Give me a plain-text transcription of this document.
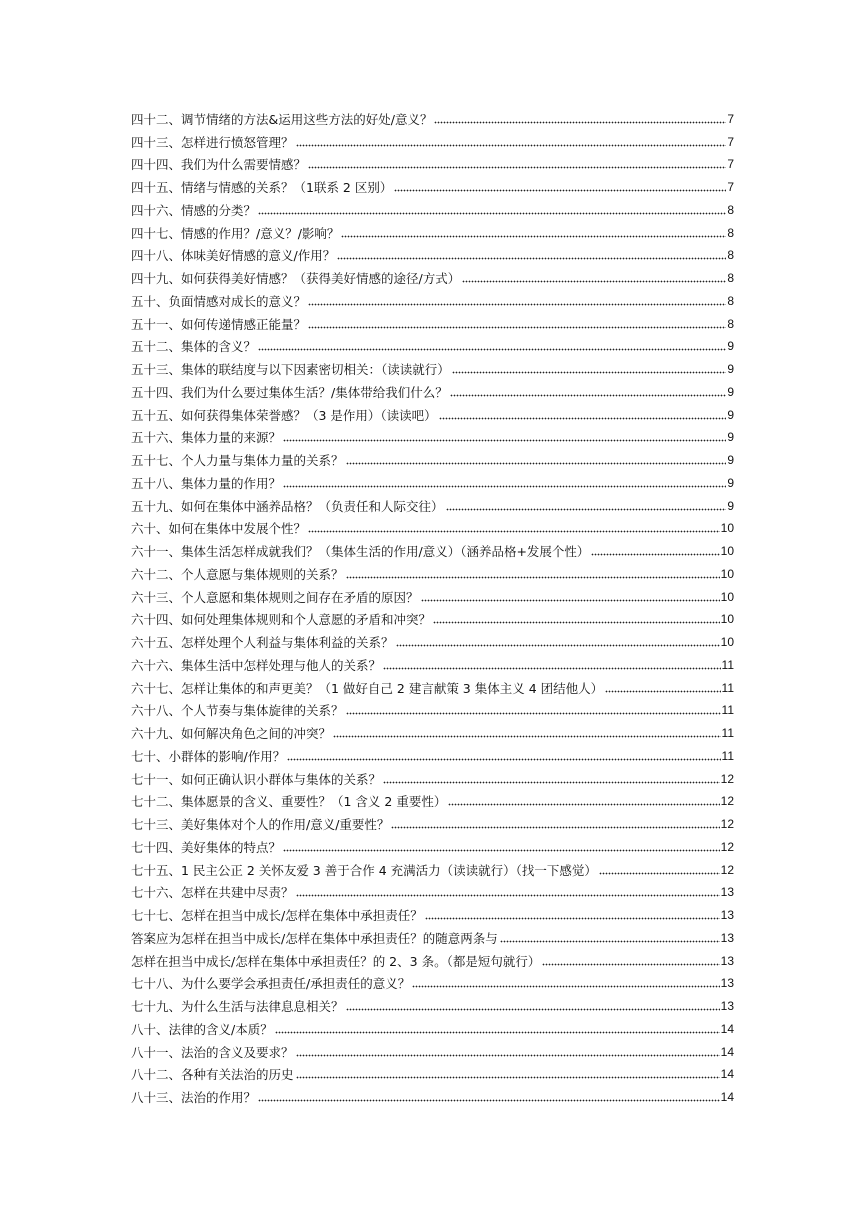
四十二、调节情绪的方法&运用这些方法的好处/意义？	7
四十三、怎样进行愤怒管理？	7
四十四、我们为什么需要情感？	7
四十五、情绪与情感的关系？（1联系 2 区别）	7
四十六、情感的分类？	8
四十七、情感的作用？/意义？/影响？	8
四十八、体味美好情感的意义/作用？	8
四十九、如何获得美好情感？（获得美好情感的途径/方式）	8
五十、负面情感对成长的意义？	8
五十一、如何传递情感正能量？	8
五十二、集体的含义？	9
五十三、集体的联结度与以下因素密切相关：（读读就行）	9
五十四、我们为什么要过集体生活？/集体带给我们什么？	9
五十五、如何获得集体荣誉感？（3 是作用）（读读吧）	9
五十六、集体力量的来源？	9
五十七、个人力量与集体力量的关系？	9
五十八、集体力量的作用？	9
五十九、如何在集体中涵养品格？（负责任和人际交往）	9
六十、如何在集体中发展个性？	10
六十一、集体生活怎样成就我们？（集体生活的作用/意义）（涵养品格+发展个性）	10
六十二、个人意愿与集体规则的关系？	10
六十三、个人意愿和集体规则之间存在矛盾的原因？	10
六十四、如何处理集体规则和个人意愿的矛盾和冲突？	10
六十五、怎样处理个人利益与集体利益的关系？	10
六十六、集体生活中怎样处理与他人的关系？	11
六十七、怎样让集体的和声更美？（1 做好自己 2 建言献策 3 集体主义 4 团结他人）	11
六十八、个人节奏与集体旋律的关系？	11
六十九、如何解决角色之间的冲突？	11
七十、小群体的影响/作用？	11
七十一、如何正确认识小群体与集体的关系？	12
七十二、集体愿景的含义、重要性？（1 含义 2 重要性）	12
七十三、美好集体对个人的作用/意义/重要性？	12
七十四、美好集体的特点？	12
七十五、1 民主公正 2 关怀友爱 3 善于合作 4 充满活力（读读就行）（找一下感觉）	12
七十六、怎样在共建中尽责？	13
七十七、怎样在担当中成长/怎样在集体中承担责任？	13
答案应为怎样在担当中成长/怎样在集体中承担责任？的随意两条与	13
怎样在担当中成长/怎样在集体中承担责任？的 2、3 条。（都是短句就行）	13
七十八、为什么要学会承担责任/承担责任的意义？	13
七十九、为什么生活与法律息息相关？	13
八十、法律的含义/本质？	14
八十一、法治的含义及要求？	14
八十二、各种有关法治的历史	14
八十三、法治的作用？	14
